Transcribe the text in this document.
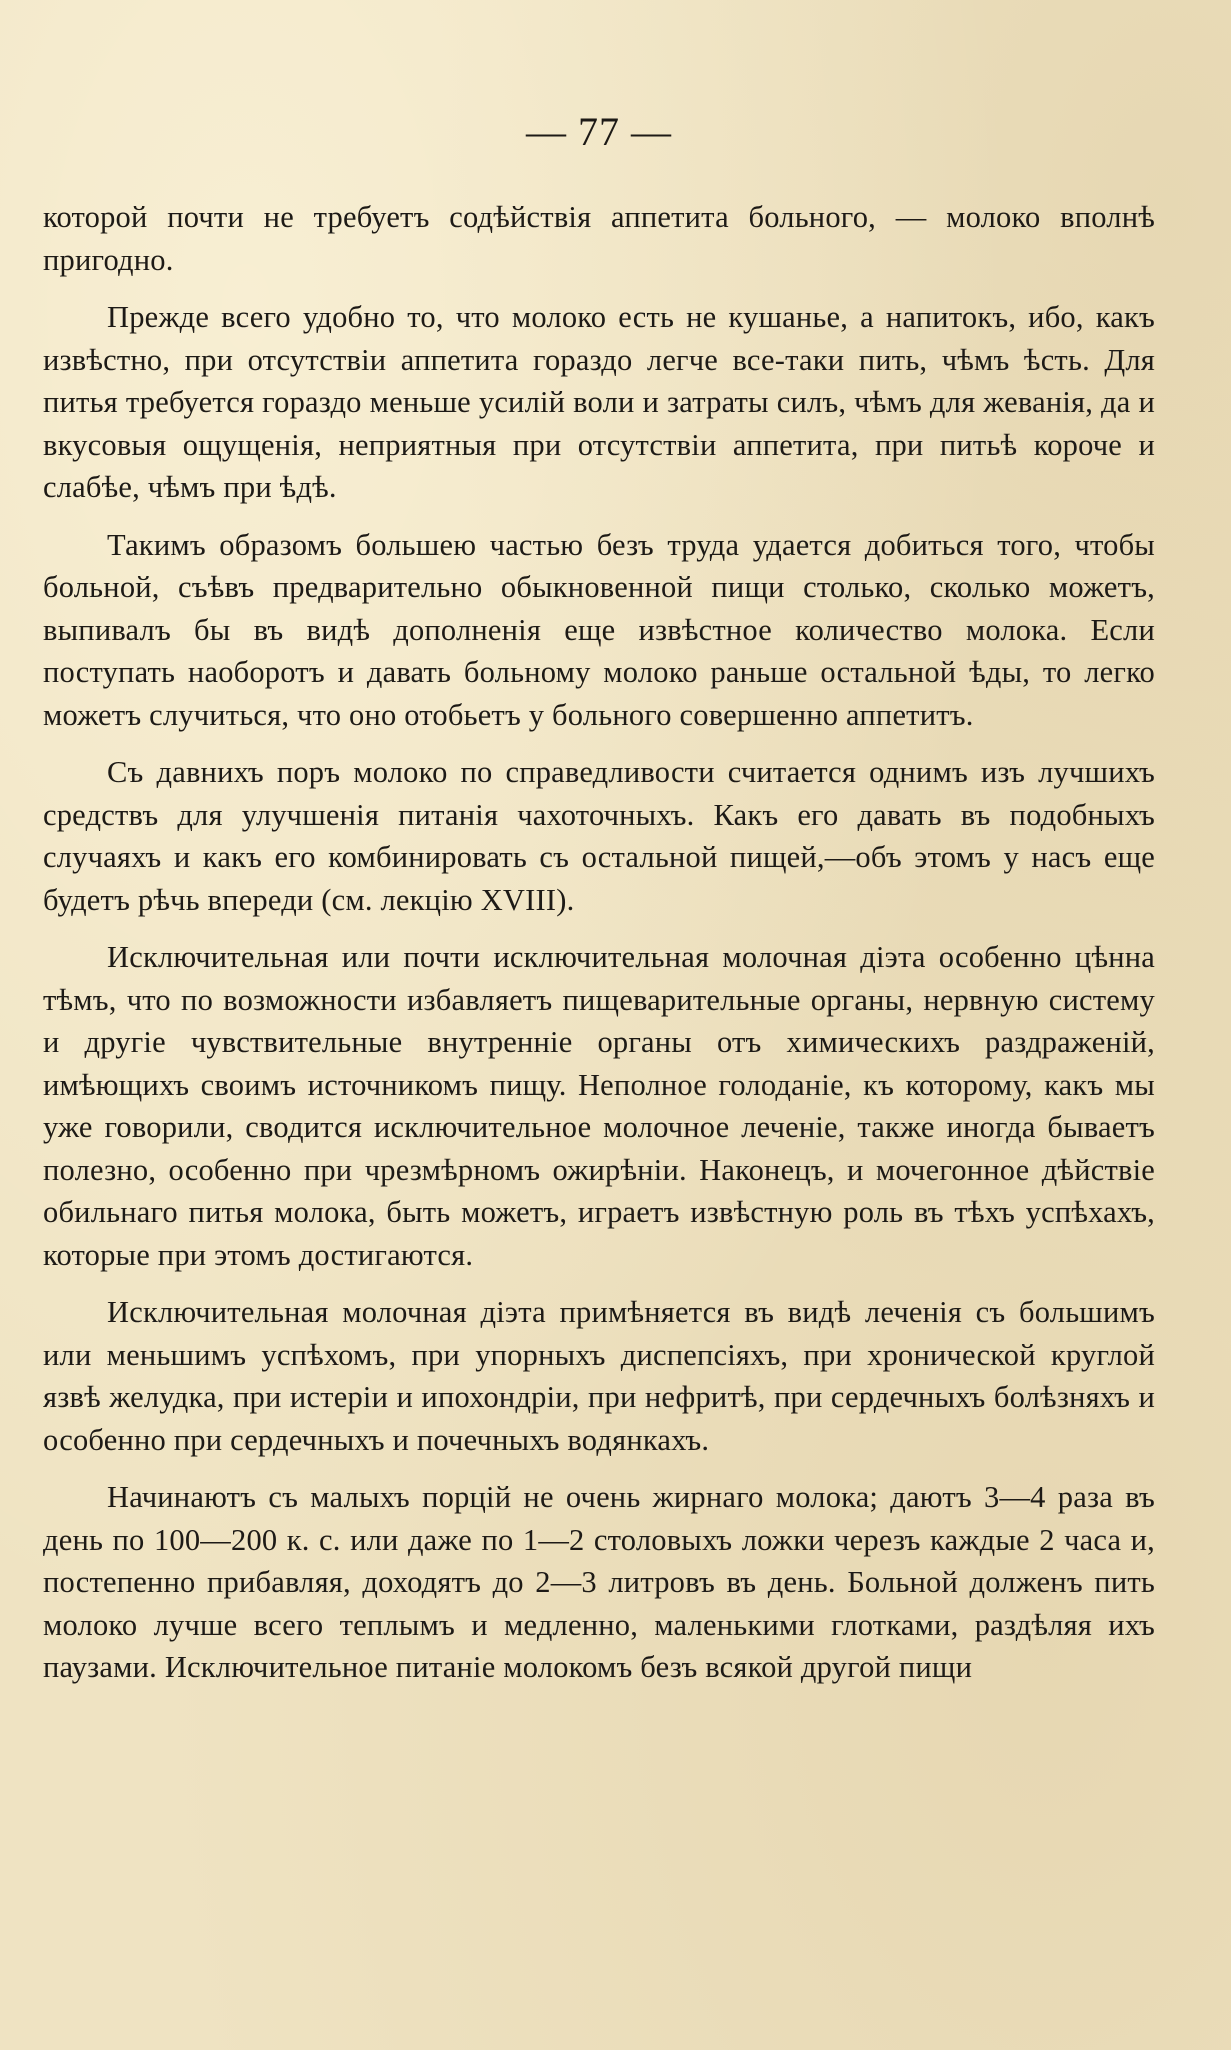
— 77 —

которой почти не требуетъ содѣйствія аппетита больного, — молоко вполнѣ пригодно.

Прежде всего удобно то, что молоко есть не кушанье, а напитокъ, ибо, какъ извѣстно, при отсутствіи аппетита гораздо легче все-таки пить, чѣмъ ѣсть. Для питья требуется гораздо меньше усилій воли и затраты силъ, чѣмъ для жеванія, да и вкусовыя ощущенія, неприятныя при отсутствіи аппетита, при питьѣ короче и слабѣе, чѣмъ при ѣдѣ.

Такимъ образомъ большею частью безъ труда удается добиться того, чтобы больной, съѣвъ предварительно обыкновенной пищи столько, сколько можетъ, выпивалъ бы въ видѣ дополненія еще извѣстное количество молока. Если поступать наоборотъ и давать больному молоко раньше остальной ѣды, то легко можетъ случиться, что оно отобьетъ у больного совершенно аппетитъ.

Съ давнихъ поръ молоко по справедливости считается однимъ изъ лучшихъ средствъ для улучшенія питанія чахоточныхъ. Какъ его давать въ подобныхъ случаяхъ и какъ его комбинировать съ остальной пищей,—объ этомъ у насъ еще будетъ рѣчь впереди (см. лекцію XVIII).

Исключительная или почти исключительная молочная діэта особенно цѣнна тѣмъ, что по возможности избавляетъ пищеварительные органы, нервную систему и другіе чувствительные внутренніе органы отъ химическихъ раздраженій, имѣющихъ своимъ источникомъ пищу. Неполное голоданіе, къ которому, какъ мы уже говорили, сводится исключительное молочное леченіе, также иногда бываетъ полезно, особенно при чрезмѣрномъ ожирѣніи. Наконецъ, и мочегонное дѣйствіе обильнаго питья молока, быть можетъ, играетъ извѣстную роль въ тѣхъ успѣхахъ, которые при этомъ достигаются.

Исключительная молочная діэта примѣняется въ видѣ леченія съ большимъ или меньшимъ успѣхомъ, при упорныхъ диспепсіяхъ, при хронической круглой язвѣ желудка, при истеріи и ипохондріи, при нефритѣ, при сердечныхъ болѣзняхъ и особенно при сердечныхъ и почечныхъ водянкахъ.

Начинаютъ съ малыхъ порцій не очень жирнаго молока; даютъ 3—4 раза въ день по 100—200 к. с. или даже по 1—2 столовыхъ ложки черезъ каждые 2 часа и, постепенно прибавляя, доходятъ до 2—3 литровъ въ день. Больной долженъ пить молоко лучше всего теплымъ и медленно, маленькими глотками, раздѣляя ихъ паузами. Исключительное питаніе молокомъ безъ всякой другой пищи
